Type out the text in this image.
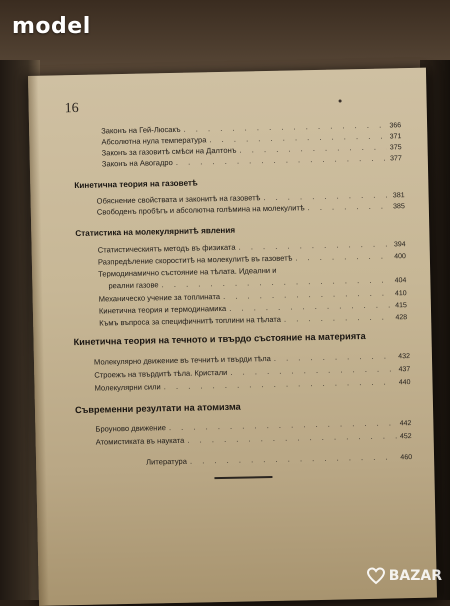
16
Законъ на Гей-Люсакъ . . .	366
Абсолютна нула температура . . .	371
Законъ за газовитѣ смѣси на Далтонъ . . .	375
Законъ на Авогадро . . .	377
Кинетична теория на газоветѣ
Обяснение свойствата и законитѣ на газоветѣ . . .	381
Свободенъ пробѣгъ и абсолютна голѣмина на молекулитѣ . . .	385
Статистика на молекулярнитѣ явления
Статистическиятъ методъ въ физиката . . .	394
Разпредѣление скороститѣ на молекулитѣ въ газоветѣ . . .	400
Термодинамично състояние на тѣлата. Идеални и
реални газове . . .	404
Механическо учение за топлината . . .	410
Кинетична теория и термодинамика . . .	415
Къмъ въпроса за специфичнитѣ топлини на тѣлата . . .	428
Кинетична теория на течното и твърдо състояние на материята
Молекулярно движение въ течнитѣ и твърди тѣла . . .	432
Строежъ на твърдитѣ тѣла. Кристали . . .	437
Молекулярни сили . . .	440
Съвременни резултати на атомизма
Броуново движение . . .	442
Атомистиката въ науката . . .	452
Литература . . .	460
model
BAZAR
